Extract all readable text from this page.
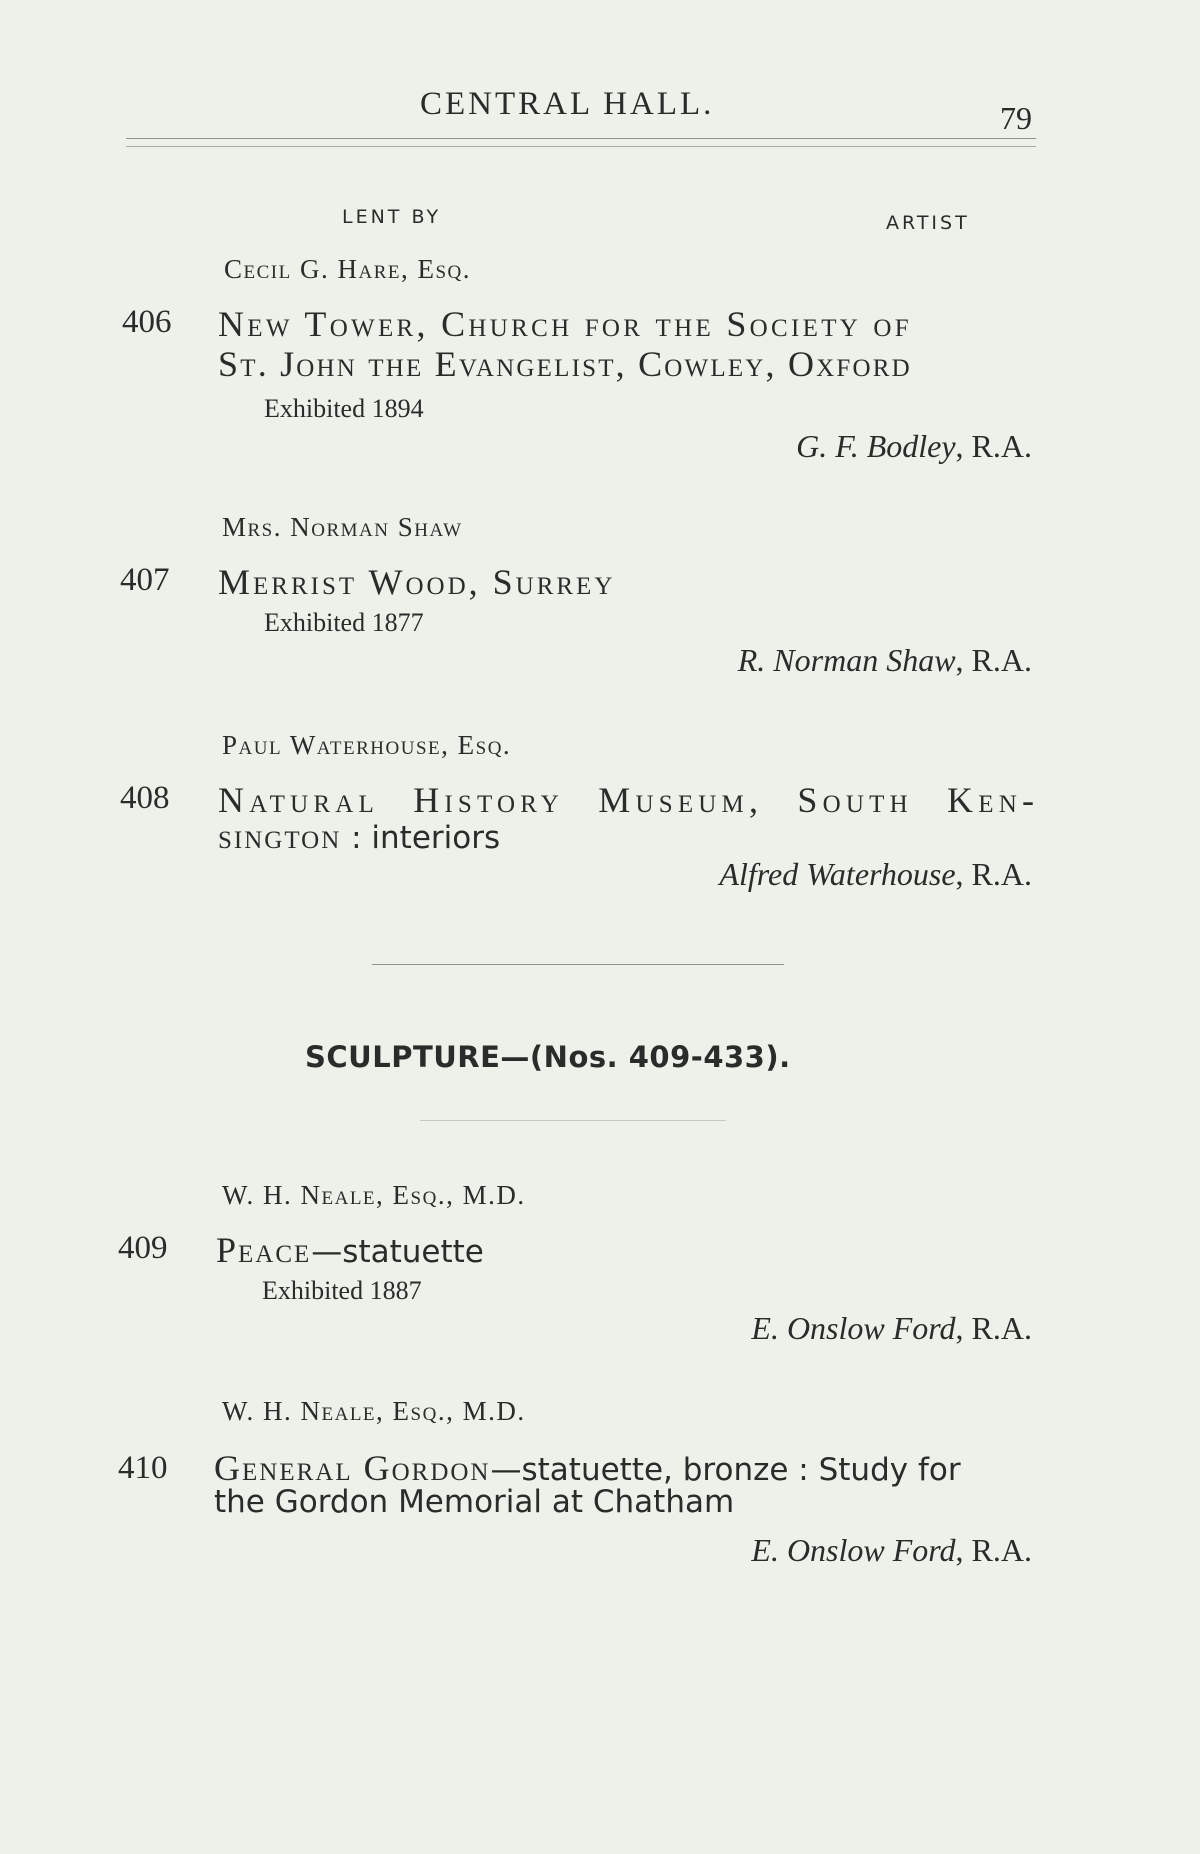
CENTRAL HALL.	79
LENT BY	ARTIST
Cecil G. Hare, Esq.
406 New Tower, Church for the Society of
St. John the Evangelist, Cowley, Oxford
Exhibited 1894
G. F. Bodley, R.A.
Mrs. Norman Shaw
407 Merrist Wood, Surrey
Exhibited 1877
R. Norman Shaw, R.A.
Paul Waterhouse, Esq.
408 Natural History Museum, South Ken-
sington : interiors
Alfred Waterhouse, R.A.
SCULPTURE—(Nos. 409-433).
W. H. Neale, Esq., M.D.
409 Peace—statuette
Exhibited 1887
E. Onslow Ford, R.A.
W. H. Neale, Esq., M.D.
410 General Gordon—statuette, bronze : Study for
the Gordon Memorial at Chatham
E. Onslow Ford, R.A.
